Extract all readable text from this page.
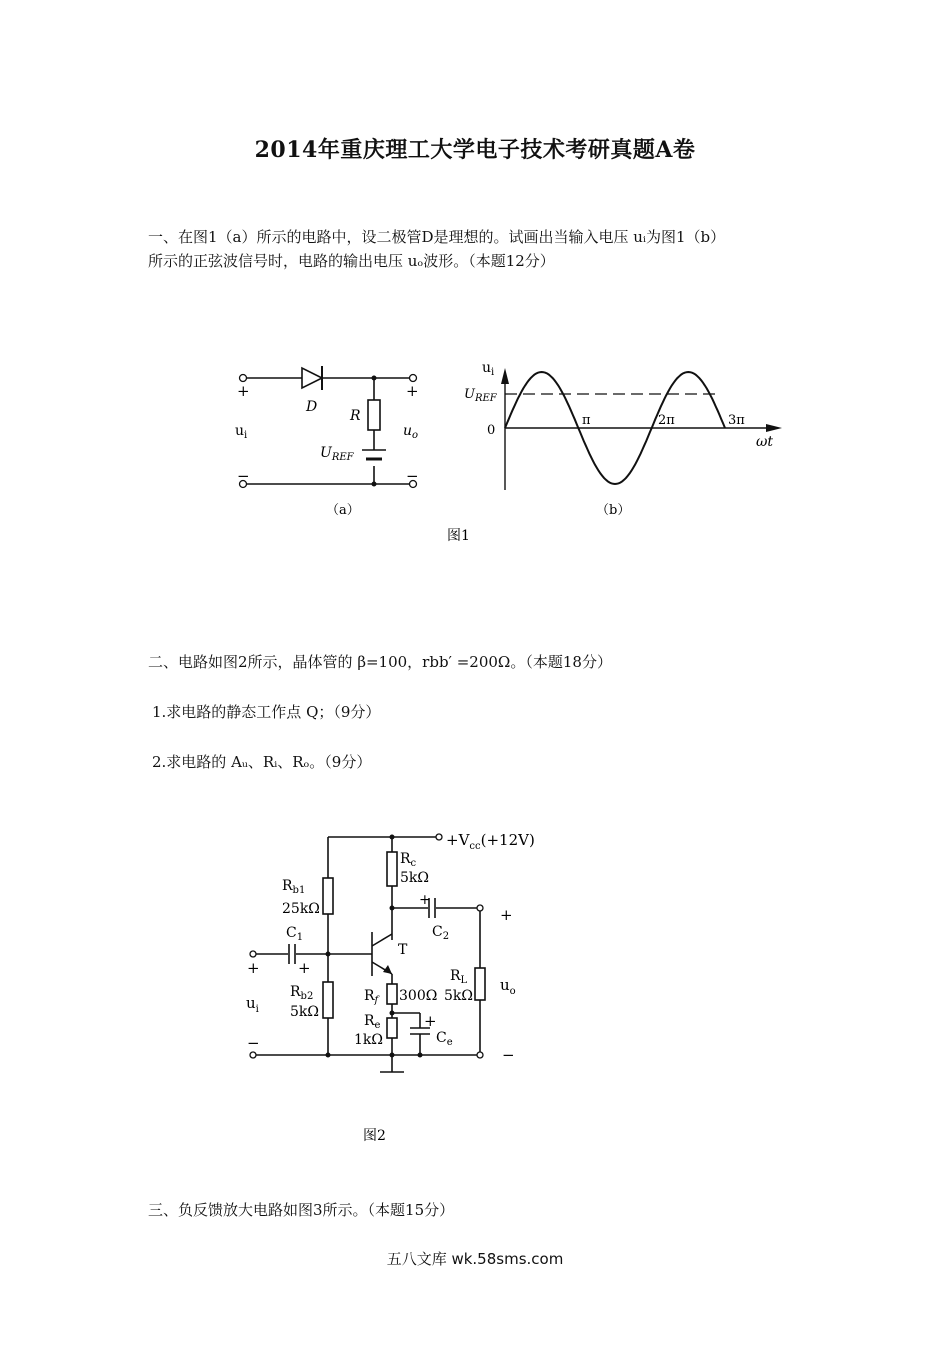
2014年重庆理工大学电子技术考研真题A卷
一、在图1（a）所示的电路中，设二极管D是理想的。试画出当输入电压 uᵢ为图1（b）
所示的正弦波信号时，电路的输出电压 uₒ波形。（本题12分）
+
−
+
−
D
R
$u_i$	$u_o$
$U_{REF}$
$u_i$
$U_{REF}$
0
π	2π	3π
ωt
（a）	（b）
图1
二、电路如图2所示，晶体管的 β=100，rbb′ =200Ω。（本题18分）
1.求电路的静态工作点 Q；（9分）
2.求电路的 Aᵤ、Rᵢ、Rₒ。（9分）
$+V_{cc}(+12V)$
$R_c$
5kΩ
$R_{b1}$
25kΩ
+
$C_2$
+
$C_1$
+
T
+
$u_i$
$R_{b2}$
5kΩ
$R_f$ 300Ω
$R_L$
5kΩ
$u_o$
$R_e$
1kΩ
+
$C_e$
−
−
图2
三、负反馈放大电路如图3所示。（本题15分）
五八文库 wk.58sms.com
